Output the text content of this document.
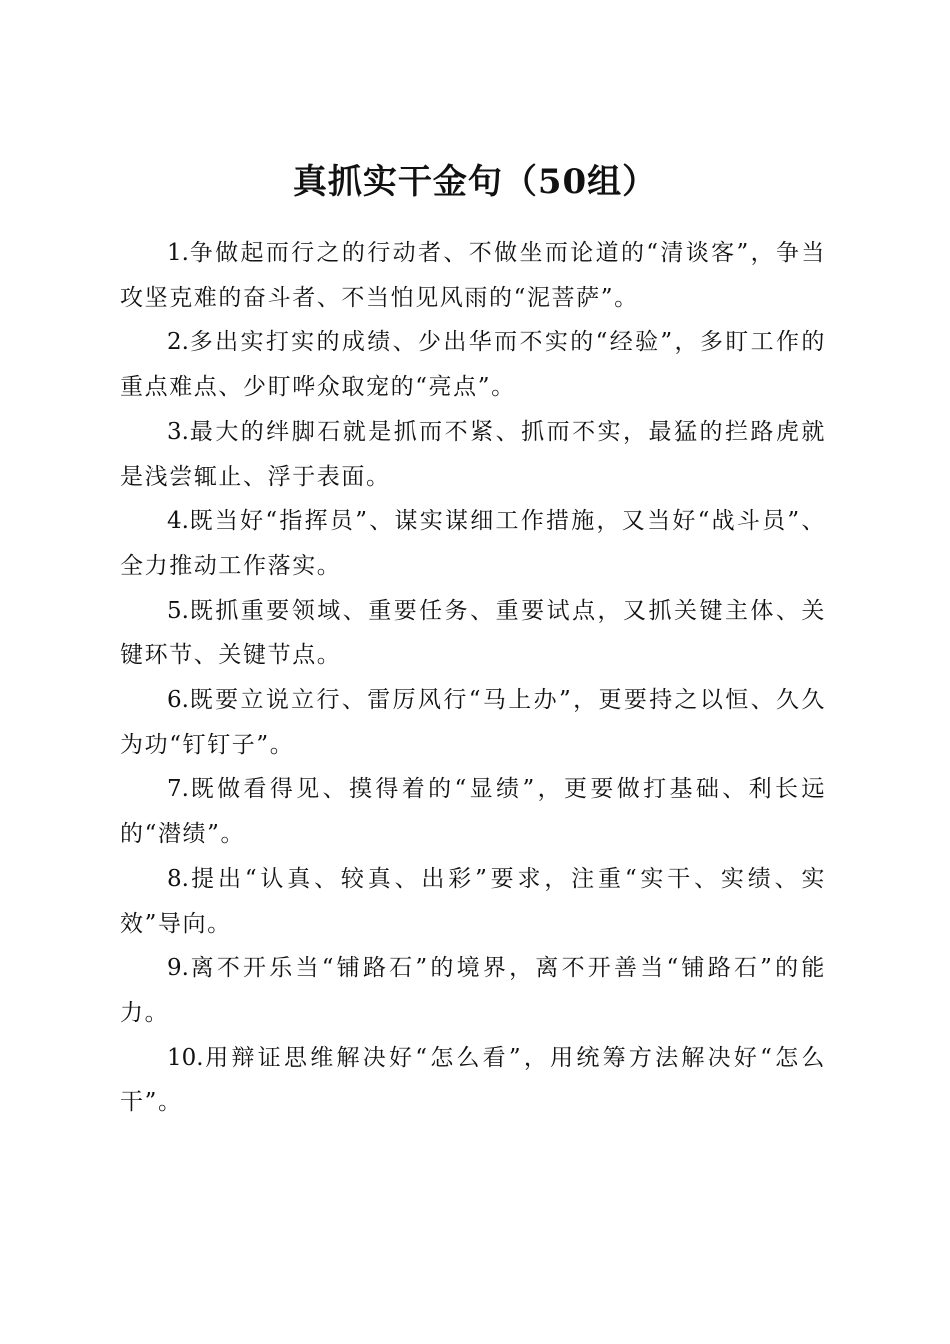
真抓实干金句（50组）

1.争做起而行之的行动者、不做坐而论道的“清谈客”，争当攻坚克难的奋斗者、不当怕见风雨的“泥菩萨”。

2.多出实打实的成绩、少出华而不实的“经验”，多盯工作的重点难点、少盯哗众取宠的“亮点”。

3.最大的绊脚石就是抓而不紧、抓而不实，最猛的拦路虎就是浅尝辄止、浮于表面。

4.既当好“指挥员”、谋实谋细工作措施，又当好“战斗员”、全力推动工作落实。

5.既抓重要领域、重要任务、重要试点，又抓关键主体、关键环节、关键节点。

6.既要立说立行、雷厉风行“马上办”，更要持之以恒、久久为功“钉钉子”。

7.既做看得见、摸得着的“显绩”，更要做打基础、利长远的“潜绩”。

8.提出“认真、较真、出彩”要求，注重“实干、实绩、实效”导向。

9.离不开乐当“铺路石”的境界，离不开善当“铺路石”的能力。

10.用辩证思维解决好“怎么看”，用统筹方法解决好“怎么干”。
